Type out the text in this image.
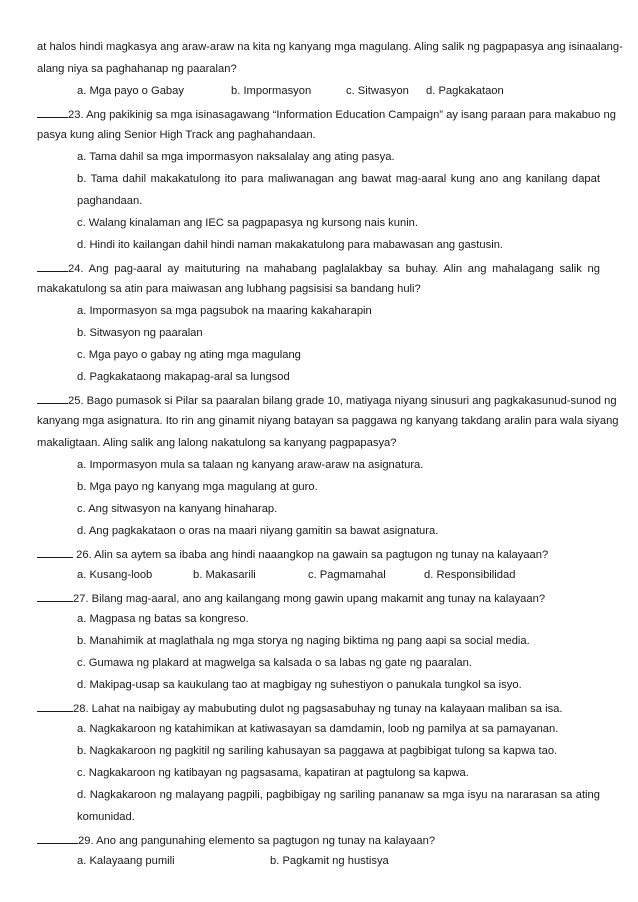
at halos hindi magkasya ang araw-araw na kita ng kanyang mga magulang. Aling salik ng pagpapasya ang isinaalang-
alang niya sa paghahanap ng paaralan?
a. Mga payo o Gabay	b. Impormasyon	c. Sitwasyon d. Pagkakataon
23. Ang pakikinig sa mga isinasagawang “Information Education Campaign” ay isang paraan para makabuo ng
pasya kung aling Senior High Track ang paghahandaan.
a. Tama dahil sa mga impormasyon naksalalay ang ating pasya.
b. Tama dahil makakatulong ito para maliwanagan ang bawat mag-aaral kung ano ang kanilang dapat
paghandaan.
c. Walang kinalaman ang IEC sa pagpapasya ng kursong nais kunin.
d. Hindi ito kailangan dahil hindi naman makakatulong para mabawasan ang gastusin.
24. Ang pag-aaral ay maituturing na mahabang paglalakbay sa buhay. Alin ang mahalagang salik ng
makakatulong sa atin para maiwasan ang lubhang pagsisisi sa bandang huli?
a. Impormasyon sa mga pagsubok na maaring kakaharapin
b. Sitwasyon ng paaralan
c. Mga payo o gabay ng ating mga magulang
d. Pagkakataong makapag-aral sa lungsod
25. Bago pumasok si Pilar sa paaralan bilang grade 10, matiyaga niyang sinusuri ang pagkakasunud-sunod ng
kanyang mga asignatura. Ito rin ang ginamit niyang batayan sa paggawa ng kanyang takdang aralin para wala siyang
makaligtaan. Aling salik ang lalong nakatulong sa kanyang pagpapasya?
a. Impormasyon mula sa talaan ng kanyang araw-araw na asignatura.
b. Mga payo ng kanyang mga magulang at guro.
c. Ang sitwasyon na kanyang hinaharap.
d. Ang pagkakataon o oras na maari niyang gamitin sa bawat asignatura.
26. Alin sa aytem sa ibaba ang hindi naaangkop na gawain sa pagtugon ng tunay na kalayaan?
a. Kusang-loob	b. Makasarili	c. Pagmamahal	d. Responsibilidad
27. Bilang mag-aaral, ano ang kailangang mong gawin upang makamit ang tunay na kalayaan?
a. Magpasa ng batas sa kongreso.
b. Manahimik at maglathala ng mga storya ng naging biktima ng pang aapi sa social media.
c. Gumawa ng plakard at magwelga sa kalsada o sa labas ng gate ng paaralan.
d. Makipag-usap sa kaukulang tao at magbigay ng suhestiyon o panukala tungkol sa isyo.
28. Lahat na naibigay ay mabubuting dulot ng pagsasabuhay ng tunay na kalayaan maliban sa isa.
a. Nagkakaroon ng katahimikan at katiwasayan sa damdamin, loob ng pamilya at sa pamayanan.
b. Nagkakaroon ng pagkitil ng sariling kahusayan sa paggawa at pagbibigat tulong sa kapwa tao.
c. Nagkakaroon ng katibayan ng pagsasama, kapatiran at pagtulong sa kapwa.
d. Nagkakaroon ng malayang pagpili, pagbibigay ng sariling pananaw sa mga isyu na nararasan sa ating
komunidad.
29. Ano ang pangunahing elemento sa pagtugon ng tunay na kalayaan?
a. Kalayaang pumili	b. Pagkamit ng hustisya
